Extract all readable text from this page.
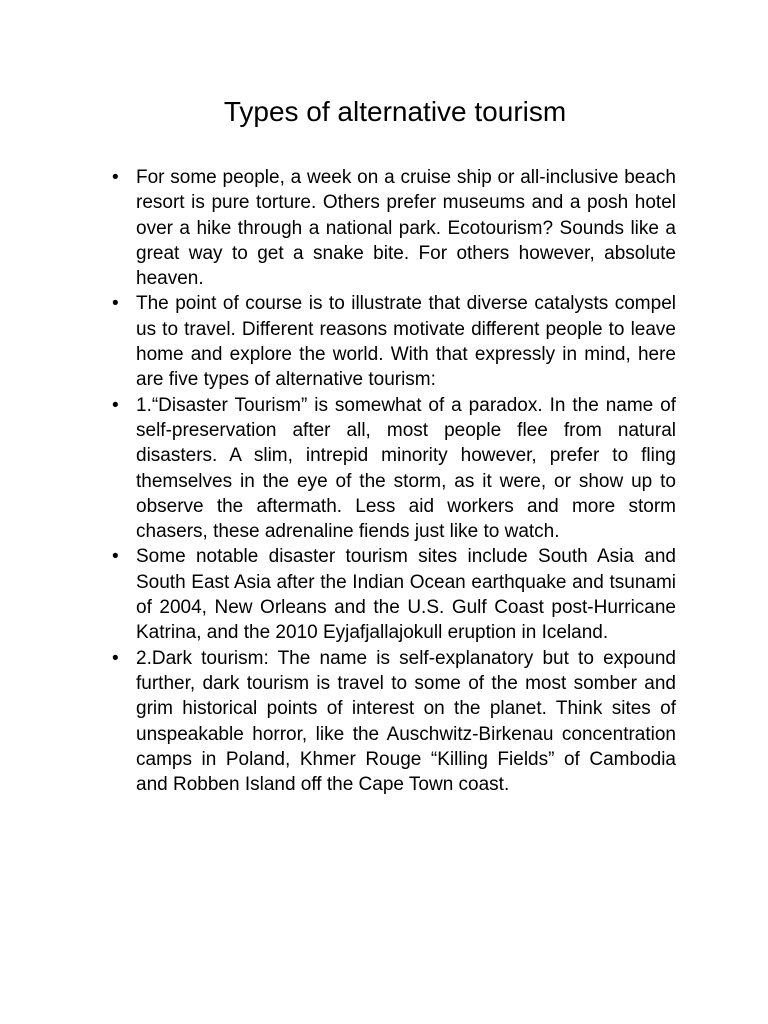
Types of alternative tourism
• For some people, a week on a cruise ship or all-inclusive beach resort is pure torture. Others prefer museums and a posh hotel over a hike through a national park. Ecotourism? Sounds like a great way to get a snake bite. For others however, absolute heaven.
• The point of course is to illustrate that diverse catalysts compel us to travel. Different reasons motivate different people to leave home and explore the world. With that expressly in mind, here are five types of alternative tourism:
• 1.“Disaster Tourism” is somewhat of a paradox. In the name of self-preservation after all, most people flee from natural disasters. A slim, intrepid minority however, prefer to fling themselves in the eye of the storm, as it were, or show up to observe the aftermath. Less aid workers and more storm chasers, these adrenaline fiends just like to watch.
• Some notable disaster tourism sites include South Asia and South East Asia after the Indian Ocean earthquake and tsunami of 2004, New Orleans and the U.S. Gulf Coast post-Hurricane Katrina, and the 2010 Eyjafjallajokull eruption in Iceland.
• 2.Dark tourism: The name is self-explanatory but to expound further, dark tourism is travel to some of the most somber and grim historical points of interest on the planet. Think sites of unspeakable horror, like the Auschwitz-Birkenau concentration camps in Poland, Khmer Rouge “Killing Fields” of Cambodia and Robben Island off the Cape Town coast.
